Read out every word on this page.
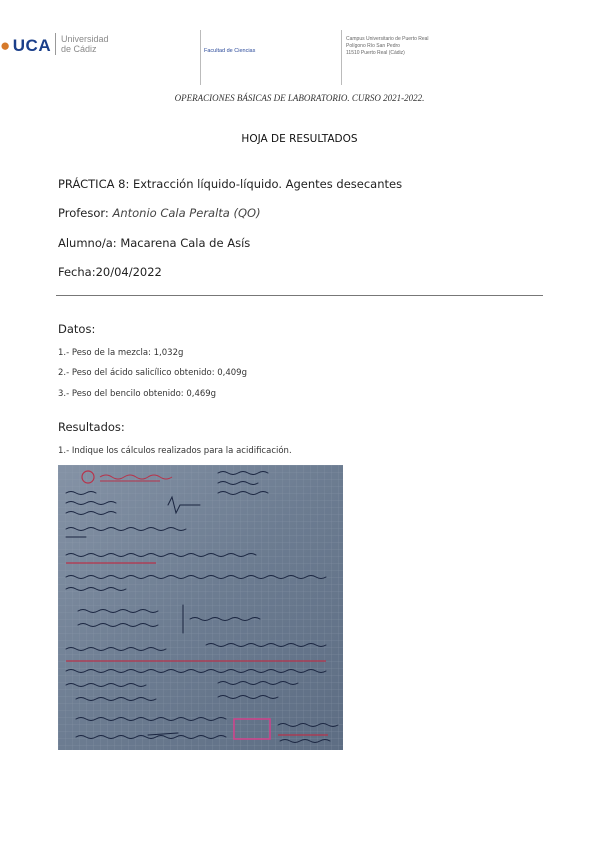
● UCA Universidad
de Cádiz	Facultad de Ciencias
Campus Universitario de Puerto Real
Polígono Río San Pedro
11510 Puerto Real (Cádiz)
OPERACIONES BÁSICAS DE LABORATORIO. CURSO 2021-2022.
HOJA DE RESULTADOS
PRÁCTICA 8: Extracción líquido-líquido. Agentes desecantes
Profesor: Antonio Cala Peralta (QO)
Alumno/a: Macarena Cala de Asís
Fecha:20/04/2022
Datos:
1.- Peso de la mezcla: 1,032g
2.- Peso del ácido salicílico obtenido: 0,409g
3.- Peso del bencilo obtenido: 0,469g
Resultados:
1.- Indique los cálculos realizados para la acidificación.
